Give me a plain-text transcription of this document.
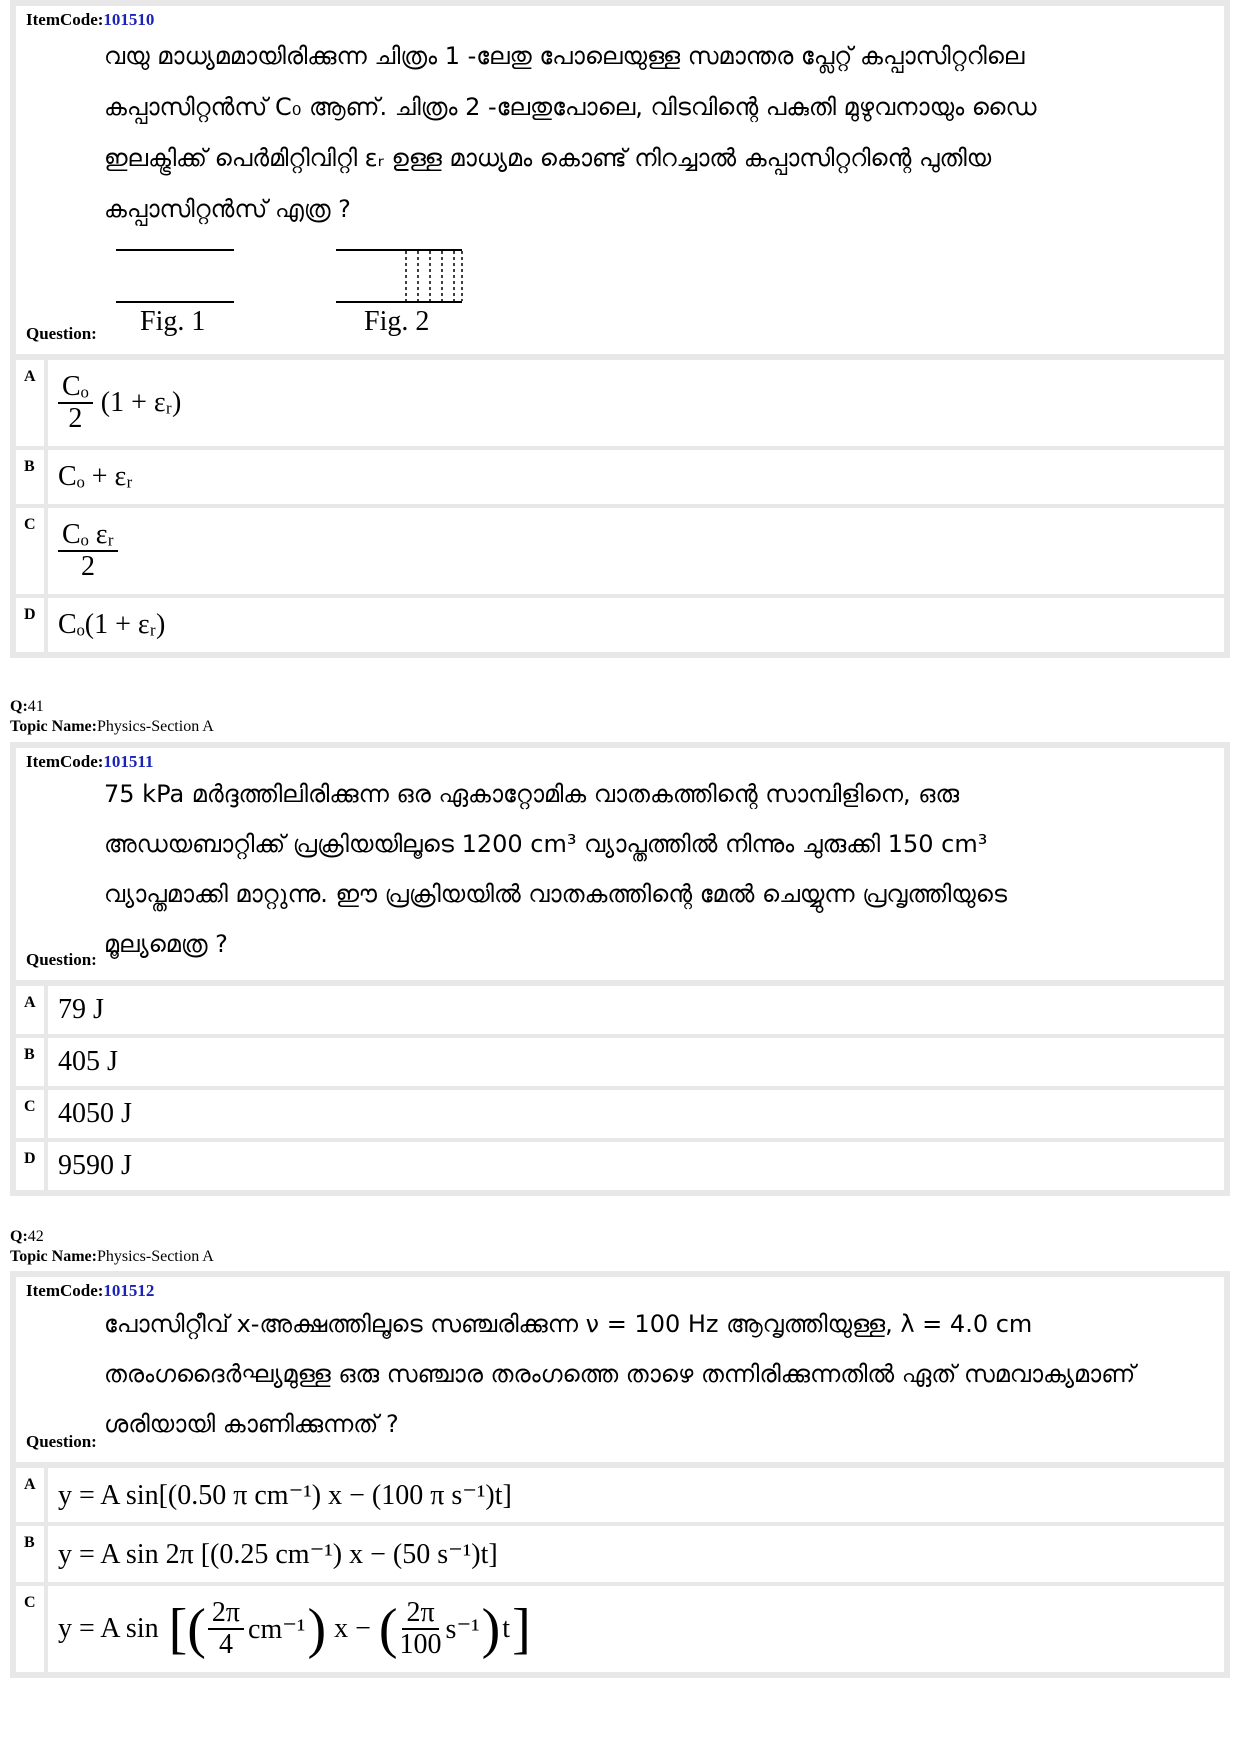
ItemCode:101510
വയു മാധ്യമമായിരിക്കുന്ന ചിത്രം 1 -ലേതു പോലെയുള്ള സമാന്തര പ്ലേറ്റ് കപ്പാസിറ്ററിലെ
കപ്പാസിറ്റൻസ് C₀ ആണ്. ചിത്രം 2 -ലേതുപോലെ, വിടവിന്റെ പകുതി മുഴുവനായും ഡൈ
ഇലക്ട്രിക്ക് പെർമിറ്റിവിറ്റി εᵣ ഉള്ള മാധ്യമം കൊണ്ട് നിറച്ചാൽ കപ്പാസിറ്ററിന്റെ പുതിയ
കപ്പാസിറ്റൻസ് എത്ര ?
Fig. 1	Fig. 2
Question:
A $\frac{\text{Cₒ}}{2} (1$ + εᵣ)
B Cₒ + εᵣ
C $\frac{\text{Cₒ εᵣ}}{2}$
D Cₒ(1 + εᵣ)
Q:41
Topic Name:Physics-Section A
ItemCode:101511
75 kPa മർദ്ദത്തിലിരിക്കുന്ന ഒര ഏകാറ്റോമിക വാതകത്തിന്റെ സാമ്പിളിനെ, ഒരു
അഡയബാറ്റിക്ക് പ്രക്രിയയിലൂടെ 1200 cm³ വ്യാപ്തത്തിൽ നിന്നും ചുരുക്കി 150 cm³
വ്യാപ്തമാക്കി മാറ്റുന്നു. ഈ പ്രക്രിയയിൽ വാതകത്തിന്റെ മേൽ ചെയ്യുന്ന പ്രവൃത്തിയുടെ
മൂല്യമെത്ര ?
Question:
A 79 J
B 405 J
C 4050 J
D 9590 J
Q:42
Topic Name:Physics-Section A
ItemCode:101512
പോസിറ്റീവ് x-അക്ഷത്തിലൂടെ സഞ്ചരിക്കുന്ന ν = 100 Hz ആവൃത്തിയുള്ള, λ = 4.0 cm
തരംഗദൈർഘ്യമുള്ള ഒരു സഞ്ചാര തരംഗത്തെ താഴെ തന്നിരിക്കുന്നതിൽ ഏത് സമവാക്യമാണ്
ശരിയായി കാണിക്കുന്നത് ?
Question:
A y = A sin[(0.50 π cm⁻¹) x − (100 π s⁻¹)t]
B y = A sin 2π [(0.25 cm⁻¹) x − (50 s⁻¹)t]
C
y = A sin [( $\frac{2\pi}{4} cm^{-1}$ ) x − ( $\frac{2\pi}{100} s^{-1}$ ) t ]
